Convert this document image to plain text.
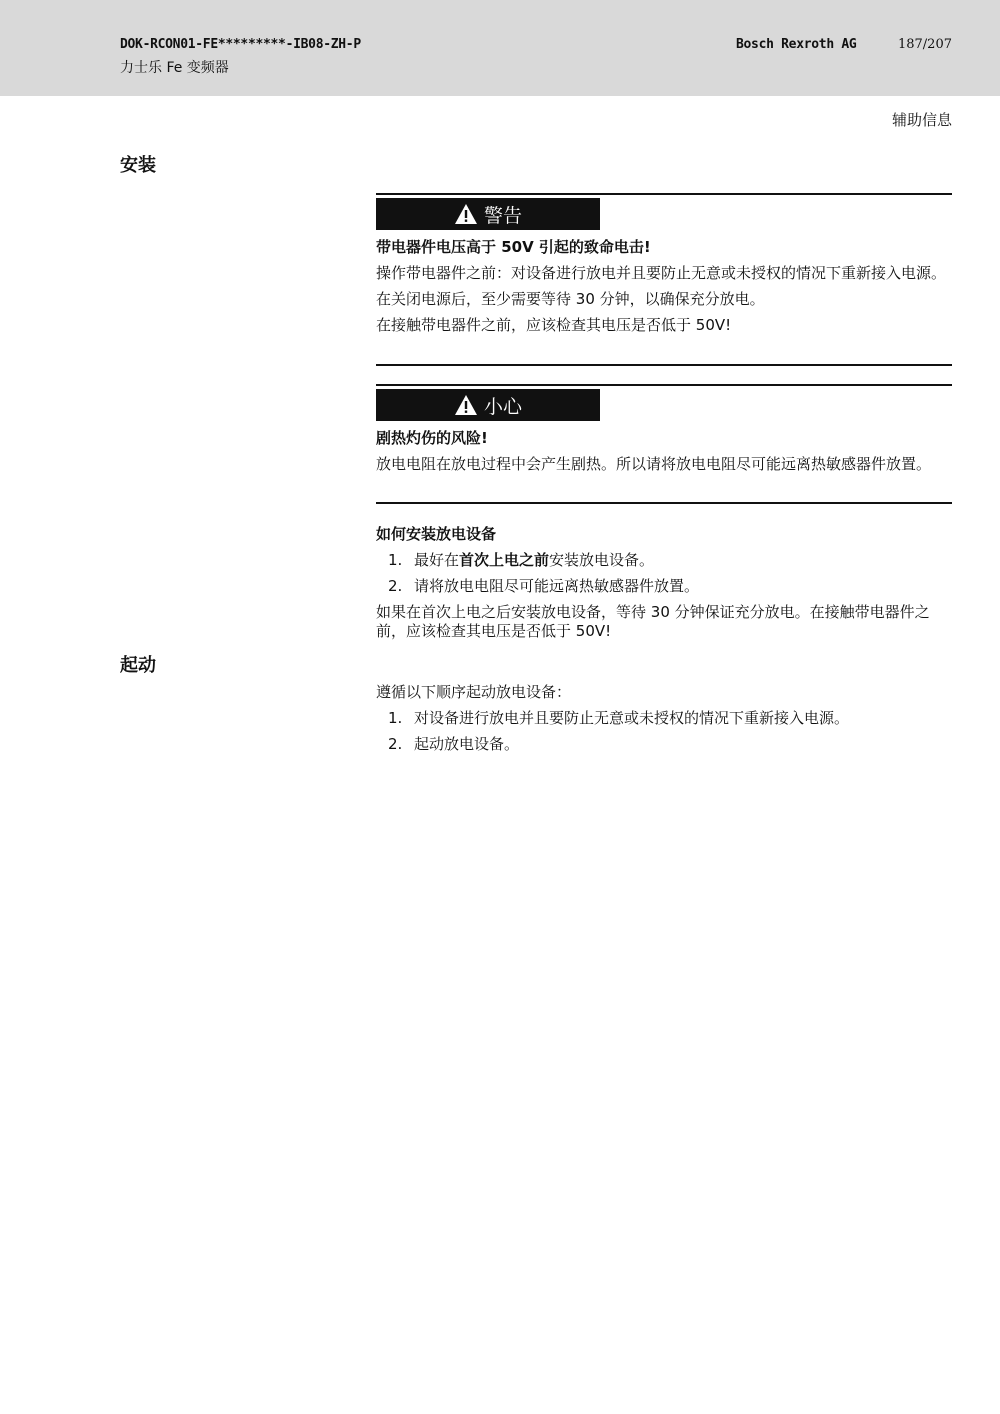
DOK-RCON01-FE*********-IB08-ZH-P
力士乐 Fe 变频器
Bosch Rexroth AG	187/207
辅助信息
安装
警告

带电器件电压高于 50V 引起的致命电击!

操作带电器件之前：对设备进行放电并且要防止无意或未授权的情况下重新接入电源。

在关闭电源后，至少需要等待 30 分钟，以确保充分放电。

在接触带电器件之前，应该检查其电压是否低于 50V!

小心

剧热灼伤的风险!

放电电阻在放电过程中会产生剧热。所以请将放电电阻尽可能远离热敏感器件放置。

如何安装放电设备

1. 最好在首次上电之前安装放电设备。
2. 请将放电电阻尽可能远离热敏感器件放置。

如果在首次上电之后安装放电设备，等待 30 分钟保证充分放电。在接触带电器件之前，应该检查其电压是否低于 50V!

起动

遵循以下顺序起动放电设备：

1. 对设备进行放电并且要防止无意或未授权的情况下重新接入电源。
2. 起动放电设备。
